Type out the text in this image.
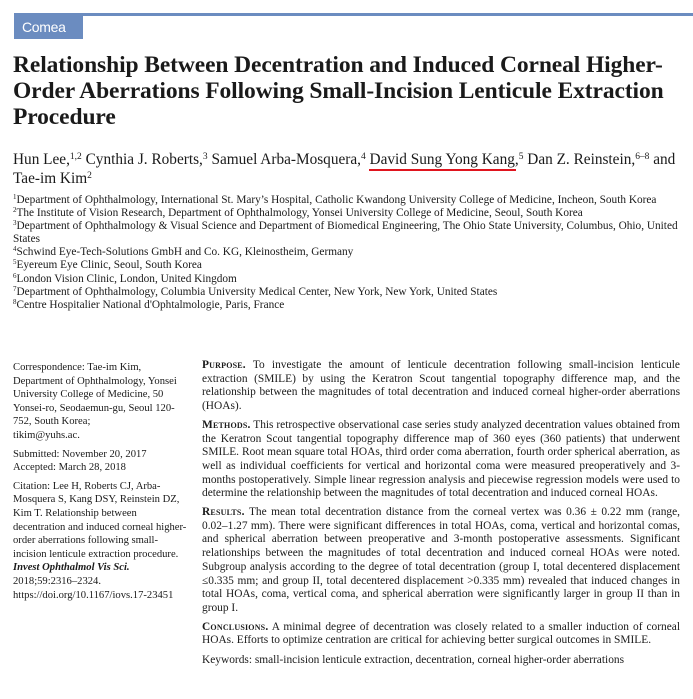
Comea
Relationship Between Decentration and Induced Corneal Higher-Order Aberrations Following Small-Incision Lenticule Extraction Procedure
Hun Lee,$^{1,2}$ Cynthia J. Roberts,$^3$ Samuel Arba-Mosquera,$^4$ David Sung Yong Kang,$^5$ Dan Z. Reinstein,$^{6-8}$ and Tae-im Kim$^2$

$^1$Department of Ophthalmology, International St. Mary’s Hospital, Catholic Kwandong University College of Medicine, Incheon, South Korea

$^2$The Institute of Vision Research, Department of Ophthalmology, Yonsei University College of Medicine, Seoul, South Korea

$^3$Department of Ophthalmology & Visual Science and Department of Biomedical Engineering, The Ohio State University, Columbus, Ohio, United States

$^4$Schwind Eye-Tech-Solutions GmbH and Co. KG, Kleinostheim, Germany

$^5$Eyereum Eye Clinic, Seoul, South Korea

$^6$London Vision Clinic, London, United Kingdom

$^7$Department of Ophthalmology, Columbia University Medical Center, New York, New York, United States

$^8$Centre Hospitalier National d'Ophtalmologie, Paris, France

Correspondence: Tae-im Kim, Department of Ophthalmology, Yonsei University College of Medicine, 50 Yonsei-ro, Seodaemun-gu, Seoul 120-752, South Korea;
tikim@yuhs.ac.

Submitted: November 20, 2017
Accepted: March 28, 2018

Citation: Lee H, Roberts CJ, Arba-Mosquera S, Kang DSY, Reinstein DZ, Kim T. Relationship between decentration and induced corneal higher-order aberrations following small-incision lenticule extraction procedure. Invest Ophthalmol Vis Sci. 2018;59:2316–2324. https://doi.org/10.1167/iovs.17-23451

Purpose. To investigate the amount of lenticule decentration following small-incision lenticule extraction (SMILE) by using the Keratron Scout tangential topography difference map, and the relationship between the magnitudes of total decentration and induced corneal higher-order aberrations (HOAs).

Methods. This retrospective observational case series study analyzed decentration values obtained from the Keratron Scout tangential topography difference map of 360 eyes (360 patients) that underwent SMILE. Root mean square total HOAs, third order coma aberration, fourth order spherical aberration, as well as individual coefficients for vertical and horizontal coma were measured preoperatively and 3-months postoperatively. Simple linear regression analysis and piecewise regression models were used to determine the relationship between the magnitudes of total decentration and induced corneal HOAs.

Results. The mean total decentration distance from the corneal vertex was 0.36 ± 0.22 mm (range, 0.02–1.27 mm). There were significant differences in total HOAs, coma, vertical and horizontal comas, and spherical aberration between preoperative and 3-month postoperative assessments. Significant relationships between the magnitudes of total decentration and induced corneal HOAs were noted. Subgroup analysis according to the degree of total decentration (group I, total decentered displacement ≤0.335 mm; and group II, total decentered displacement >0.335 mm) revealed that induced changes in total HOAs, coma, vertical coma, and spherical aberration were significantly larger in group II than in group I.

Conclusions. A minimal degree of decentration was closely related to a smaller induction of corneal HOAs. Efforts to optimize centration are critical for achieving better surgical outcomes in SMILE.

Keywords: small-incision lenticule extraction, decentration, corneal higher-order aberrations
